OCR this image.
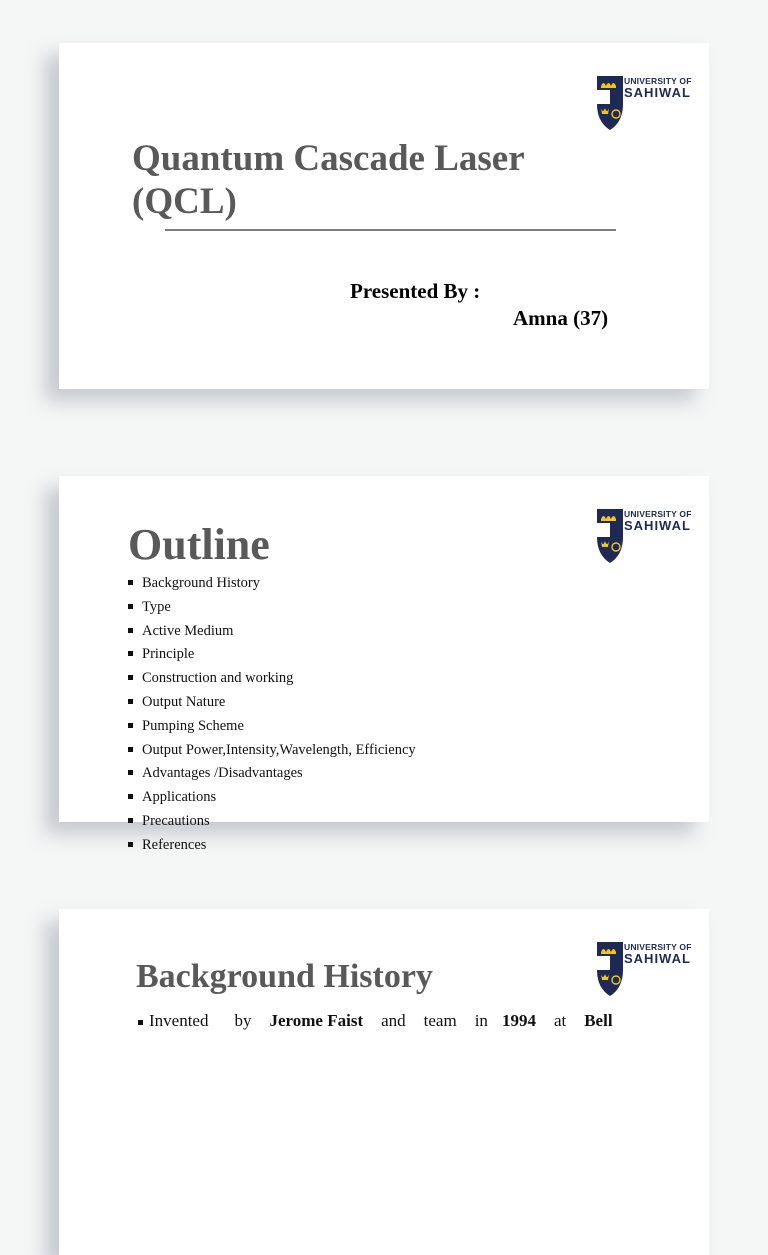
UNIVERSITY OF
SAHIWAL
Quantum Cascade Laser (QCL)
Presented By :
Amna (37)
UNIVERSITY OF
SAHIWAL
Outline
Background History
Type
Active Medium
Principle
Construction and working
Output Nature
Pumping Scheme
Output Power,Intensity,Wavelength, Efficiency
Advantages /Disadvantages
Applications
Precautions
References
UNIVERSITY OF
SAHIWAL
Background History
Invented by Jerome Faist and team in 1994 at Bell
